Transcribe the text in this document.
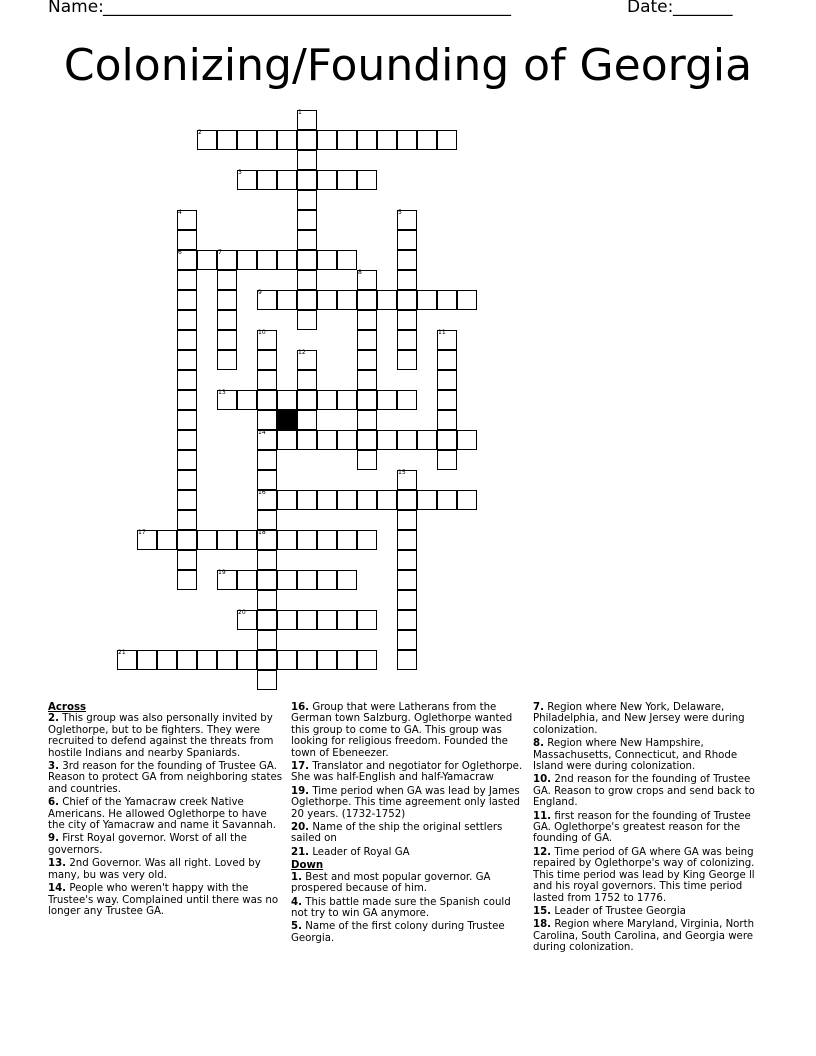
Name: ________________________________________________	Date: _______
Colonizing/Founding of Georgia
1
2
3
4	5
6	7
8
9
10	11
12
13
14
15
16
17	18
19
20
21

Across

2. This group was also personally invited by Oglethorpe, but to be fighters. They were recruited to defend against the threats from hostile Indians and nearby Spaniards.

3. 3rd reason for the founding of Trustee GA. Reason to protect GA from neighboring states and countries.

6. Chief of the Yamacraw creek Native Americans. He allowed Oglethorpe to have the city of Yamacraw and name it Savannah.

9. First Royal governor. Worst of all the governors.

13. 2nd Governor. Was all right. Loved by many, bu was very old.

14. People who weren't happy with the Trustee's way. Complained until there was no longer any Trustee GA.

16. Group that were Latherans from the German town Salzburg. Oglethorpe wanted this group to come to GA. This group was looking for religious freedom. Founded the town of Ebeneezer.

17. Translator and negotiator for Oglethorpe. She was half-English and half-Yamacraw

19. Time period when GA was lead by James Oglethorpe. This time agreement only lasted 20 years. (1732-1752)

20. Name of the ship the original settlers sailed on

21. Leader of Royal GA

Down

1. Best and most popular governor. GA prospered because of him.

4. This battle made sure the Spanish could not try to win GA anymore.

5. Name of the first colony during Trustee Georgia.

7. Region where New York, Delaware, Philadelphia, and New Jersey were during colonization.

8. Region where New Hampshire, Massachusetts, Connecticut, and Rhode Island were during colonization.

10. 2nd reason for the founding of Trustee GA. Reason to grow crops and send back to England.

11. first reason for the founding of Trustee GA. Oglethorpe's greatest reason for the founding of GA.

12. Time period of GA where GA was being repaired by Oglethorpe's way of colonizing. This time period was lead by King George ll and his royal governors. This time period lasted from 1752 to 1776.

15. Leader of Trustee Georgia

18. Region where Maryland, Virginia, North Carolina, South Carolina, and Georgia were during colonization.
